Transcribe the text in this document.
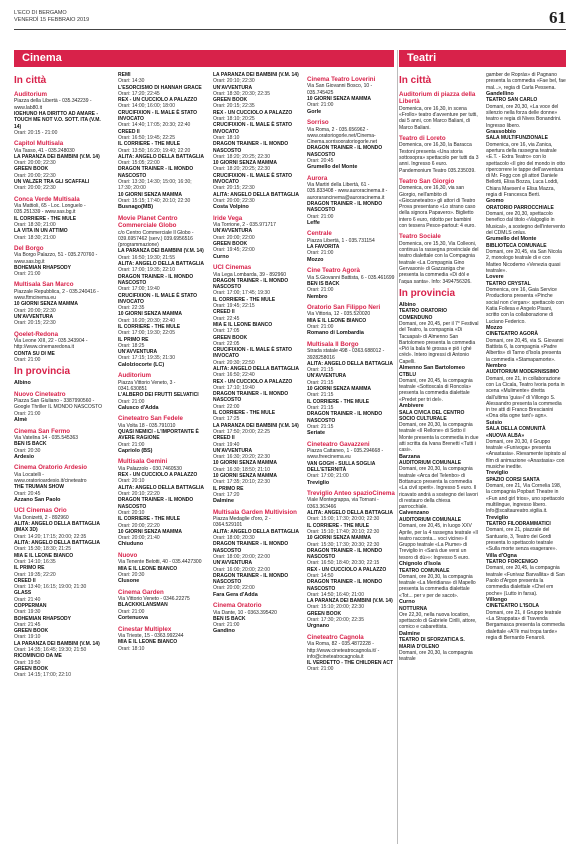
L'ECO DI BERGAMO
VENERDÌ 15 FEBBRAIO 2019	61
Cinema	Teatri
In città
Auditorium
Piazza della Libertà - 035.342239 - www.lab80.it
IOEHUNO HA DIRITTO AD AMARE - TOUCH ME NOT V.O. SOTT. ITA (V.M. 14)
Orari: 20:15 - 21:00
Capitol Multisala
Via Tasso, 41 - 035.248030
LA PARANZA DEI BAMBINI (V.M. 14)
Orari: 20:00; 22:30
GREEN BOOK
Orari: 20:00; 22:30
UN VALZER TRA GLI SCAFFALI
Orari: 20:00; 22:30
Conca Verde Multisala
Via Mattioli, 65 - Loc. Longuelo - 035.251339 - www.sas.bg.it
IL CORRIERE - THE MULE
Orari: 18:30; 21:00
LA VITA IN UN ATTIMO
Orari: 18:30; 21:00
Del Borgo
Via Borgo Palazzo, 51 - 035.270760 - www.sas.bg.it
BOHEMIAN RHAPSODY
Orari: 21:00
Multisala San Marco
Piazzale Repubblica, 2 - 035.240416 - www.ftmcinema.eu
10 GIORNI SENZA MAMMA
Orari: 20:00; 22:30
UN'AVVENTURA
Orari: 20:15; 22:30
Qoelet-Redona
Via Leone XIII, 22 - 035.343904 - http://www.cinemaredona.it
CONTA SU DI ME
Orari: 21:00
In provincia
Albino
Nuovo Cineteatro
Piazza San Giuliano - 3387990560 - Google Thriller IL MONDO NASCOSTO
Orari: 21:00
Almè
Cinema San Fermo
Via Vatelina 14 - 035.545363
BEN IS BACK
Orari: 20:30
Ardesio
Cinema Oratorio Ardesio
Via Locatelli - www.oratorioardesio.it/cineteatro
THE TRUMAN SHOW
Orari: 20:45
Azzano San Paolo
UCI Cinemas Orio
Via Donizetti, 2 - 892960
ALITA: ANGELO DELLA BATTAGLIA (IMAX 3D)
Orari: 14:20; 17:15; 20:00; 22:35
ALITA: ANGELO DELLA BATTAGLIA
Orari: 15:30; 18:30; 21:25
MIA E IL LEONE BIANCO
Orari: 14:10; 16:35
IL PRIMO RE
Orari: 19:35; 22:20
CREED II
Orari: 13:40; 16:15; 19:00; 21:30
GLASS
Orari: 21:40
COPPERMAN
Orari: 19:30
BOHEMIAN RHAPSODY
Orari: 21:45
GREEN BOOK
Orari: 19:10
LA PARANZA DEI BAMBINI (V.M. 14)
Orari: 14:35; 16:45; 19:30; 21:50
RICOMINCIO DA ME
Orari: 19:50
GREEN BOOK
Orari: 14:15; 17:00; 22:10
REMI
Orari: 14:30
L'ESORCISMO DI HANNAH GRACE
Orari: 17:20; 22:45
REX - UN CUCCIOLO A PALAZZO
Orari: 14:00; 16:00; 18:00
CRUCIFIXION - IL MALE È STATO INVOCATO
Orari: 14:40; 17:05; 20:30; 22:40
CREED II
Orari: 16:50; 19:45; 22:25
IL CORRIERE - THE MULE
Orari: 13:50; 16:20; 19:40; 22:20
ALITA: ANGELO DELLA BATTAGLIA
Orari: 15:05; 22:00
DRAGON TRAINER - IL MONDO NASCOSTO
Orari: 13:30; 14:30; 15:00; 16:30; 17:30; 20:00
10 GIORNI SENZA MAMMA
Orari: 15:15; 17:40; 20:10; 22:30
Busnago(MB)
Movie Planet Centro Commerciale Globo
c/o Centro Commerciale Il Globo - 039.6957462 (serv.) 039.6956516 (programmazione)
LA PARANZA DEI BAMBINI (V.M. 14)
Orari: 16:50; 19:30; 21:55
ALITA: ANGELO DELLA BATTAGLIA
Orari: 17:00; 19:35; 22:10
DRAGON TRAINER - IL MONDO NASCOSTO
Orari: 17:00; 19:40
CRUCIFIXION - IL MALE È STATO INVOCATO
Orari: 22:35
10 GIORNI SENZA MAMMA
Orari: 16:20; 20:30; 22:40
IL CORRIERE - THE MULE
Orari: 17:00; 19:30; 22:05
IL PRIMO RE
Orari: 18:25
UN'AVVENTURA
Orari: 17:15; 19:35; 21:30
Calolziocorte (LC)
Auditorium
Piazza Vittorio Veneto, 3 - 0341.630851
L'ALBERO DEI FRUTTI SELVATICI
Orari: 21:00
Calusco d'Adda
Cineteatro San Fedele
Via Volta 18 - 035.791010
QUASI NEMICI - L'IMPORTANTE È AVERE RAGIONE
Orari: 21:00
Capriolo (BS)
Multisala Gemini
Via Palazzolo - 030.7460530
REX - UN CUCCIOLO A PALAZZO
Orari: 20:10
ALITA: ANGELO DELLA BATTAGLIA
Orari: 20:10; 22:20
DRAGON TRAINER - IL MONDO NASCOSTO
Orari: 20:10
IL CORRIERE - THE MULE
Orari: 20:00; 22:20
10 GIORNI SENZA MAMMA
Orari: 20:00; 21:40
Chiuduno
Nuovo
Via Tenente Belotti, 40 - 035.4427300
MIA E IL LEONE BIANCO
Orari: 20:30
Clusone
Cinema Garden
Via Vittorio Veneto - 0346.22275
BLACKKKLANSMAN
Orari: 21:00
Cortenuova
Cinestar Multiplex
Via Trieste, 15 - 0363.992244
MIA E IL LEONE BIANCO
Orari: 18:10
LA PARANZA DEI BAMBINI (V.M. 14)
Orari: 20:10; 22:30
UN'AVVENTURA
Orari: 18:30; 20:30; 22:35
GREEN BOOK
Orari: 20:15; 22:35
REX - UN CUCCIOLO A PALAZZO
Orari: 18:10; 20:25
CRUCIFIXION - IL MALE È STATO INVOCATO
Orari: 18:10
DRAGON TRAINER - IL MONDO NASCOSTO
Orari: 18:20; 20:25; 22:30
10 GIORNI SENZA MAMMA
Orari: 18:20; 20:25; 22:30
CRUCIFIXION - IL MALE È STATO INVOCATO
Orari: 20:15; 22:30
ALITA: ANGELO DELLA BATTAGLIA
Orari: 20:00; 22:30
Costa Volpino
Iride Vega
Via Torrione, 2 - 035.971717
UN'AVVENTURA
Orari: 20:00; 22:00
GREEN BOOK
Orari: 19:45; 22:00
Curno
UCI Cinemas
Via Lega Lombarda, 39 - 892960
DRAGON TRAINER - IL MONDO NASCOSTO
Orari: 17:00; 17:45; 19:30
IL CORRIERE - THE MULE
Orari: 19:45; 22:15
CREED II
Orari: 22:45
MIA E IL LEONE BIANCO
Orari: 17:05
GREEN BOOK
Orari: 22:05
CRUCIFIXION - IL MALE È STATO INVOCATO
Orari: 20:30; 22:50
ALITA: ANGELO DELLA BATTAGLIA
Orari: 16:50; 22:40
REX - UN CUCCIOLO A PALAZZO
Orari: 17:10; 19:40
DRAGON TRAINER - IL MONDO NASCOSTO
Orari: 22:00
IL CORRIERE - THE MULE
Orari: 17:25
LA PARANZA DEI BAMBINI (V.M. 14)
Orari: 17:50; 20:00; 22:25
CREED II
Orari: 19:40
UN'AVVENTURA
Orari: 16:30; 20:20; 22:30
10 GIORNI SENZA MAMMA
Orari: 16:30; 18:50; 21:10
10 GIORNI SENZA MAMMA
Orari: 17:35; 20:10; 22:30
IL PRIMO RE
Orari: 17:20
Dalmine
Multisala Garden Multivision
Piazza Medaglie d'oro, 2 - 0364.529101
ALITA: ANGELO DELLA BATTAGLIA
Orari: 18:00; 20:30
DRAGON TRAINER - IL MONDO NASCOSTO
Orari: 18:00; 20:00; 22:00
UN'AVVENTURA
Orari: 16:00; 20:00; 22:00
DRAGON TRAINER - IL MONDO NASCOSTO
Orari: 20:00; 22:00
Fara Gera d'Adda
Cinema Oratorio
Via Dante, 10 - 0363.395420
BEN IS BACK
Orari: 21:00
Gandino
Cinema Teatro Loverini
Via San Giovanni Bosco, 10 - 035.745425
10 GIORNI SENZA MAMMA
Orari: 21:00
Gorle
Sorriso
Via Roma, 2 - 035.656962 - www.oratoriogorle.net/Cinema-Cinema.sorrisooratoriogorle.net
DRAGON TRAINER - IL MONDO NASCOSTO
Orari: 20:45
Grumello del Monte
Aurora
Via Martiri della Libertà, 61 - 035.833408 - www.auroracinema.it - aurorarancinema@auroracinema.it
DRAGON TRAINER - IL MONDO NASCOSTO
Orari: 21:00
Leffe
Centrale
Piazza Libertà, 1 - 035.731154
LA FAVORITA
Orari: 21:00
Mozzo
Cine Teatro Agorà
Via S.Giovanni Battista, 6 - 035.461699
BEN IS BACK
Orari: 21:00
Nembro
Oratorio San Filippo Neri
Via Vittoria, 12 - 035.520020
MIA E IL LEONE BIANCO
Orari: 21:00
Romano di Lombardia
Multisala Il Borgo
Strada statale 498 - 0363.688012 - 3928258016
ALITA: ANGELO DELLA BATTAGLIA
Orari: 21:15
UN'AVVENTURA
Orari: 21:15
10 GIORNI SENZA MAMMA
Orari: 21:15
IL CORRIERE - THE MULE
Orari: 21:15
DRAGON TRAINER - IL MONDO NASCOSTO
Orari: 21:15
Seriate
Cineteatro Gavazzeni
Piazza Cattaneo, 1 - 035.294668 - www.freecinema.eu
VAN GOGH - SULLA SOGLIA DELL'ETERNITÀ
Orari: 17:00; 21:00
Treviglio
Treviglio Anteo spazioCinema
Viale Montegrappa, via Tornani - 0363.363466
ALITA: ANGELO DELLA BATTAGLIA
Orari: 15:00; 17:30; 20:00; 22:30
IL CORRIERE - THE MULE
Orari: 15:10; 17:40; 20:10; 22:30
10 GIORNI SENZA MAMMA
Orari: 15:30; 17:30; 20:30; 22:30
DRAGON TRAINER - IL MONDO NASCOSTO
Orari: 16:50; 18:40; 20:30; 22:15
REX - UN CUCCIOLO A PALAZZO
Orari: 14:50
DRAGON TRAINER - IL MONDO NASCOSTO
Orari: 14:50; 16:40; 21:00
LA PARANZA DEI BAMBINI (V.M. 14)
Orari: 15:10; 20:00; 22:30
GREEN BOOK
Orari: 17:30; 20:00; 22:35
Urgnano
Cineteatro Cagnola
Via Roma, 82 - 035.4872228 - http://www.cineteatrocagnola.it/ - info@cineteatrocagnola.it
IL VERDETTO - THE CHILDREN ACT
Orari: 21:00
In città
Auditorium di piazza della Libertà
Domenica, ore 16,30, in scena «Frollo» teatro d'avventure per tutti, dai 5 anni, con Marco Baliani, di Marco Baliani.
Teatro di Loreto
Domenica, ore 16,30, la Baracca Testoni presenta «Una storia sottosopra» spettacolo per tutti da 3 anni. Ingresso 6 euro. Pandemonium Teatro 035.235039.
Teatro San Giorgio
Domenica, ore 16,30, via san Giorgio, nell'ambito di «Giocaneteatro» gli attori di Teatro Prova presentano «Lo strano caso della signora Papavero». Biglietto intero 6 euro, ridotto per bambini con tessera Pesce-partout: 4 euro.
Teatro Sociale
Domenica, ore 15,30, Via Colleoni, continua la rassegna provinciale del teatro dialettale con la Compagnia teatrale «La Compagnia Gino Gervasoni» di Gazzaniga che presenta la commedia «Di dòl e l'aqua santa». Info: 3494756326.
In provincia
Albino
TEATRO ORATORIO COMENDUNO
Domani, ore 20,45, per il 7° Festival del Teatro, la compagnia «Di Tacuapal» di Almenno San Bartolomeo presenta la commedia «Piö la bala fé grossa e piö i ghé crëd». Intero ingressi di Antonio Capelli.
Almenno San Bartolomeo
CTBLU
Domani, ore 20,45, la compagnia teatrale «Sottoscala di Roncola» presenta la commedia dialettale «Predet per tri del».
Ambivere
SALA CIVICA DEL CENTRO SOCIO CULTURALE
Domani, ore 20,30, la compagnia teatrale «Il Rellone» di Sotto il Monte presenta la commedia in due atti scritta da Ivana Brenetti «Tutti i casi».
Barzana
AUDITORIUM COMUNALE
Domani, ore 20,30, la compagnia teatrale «Arca del Telenbo» di Bottanuco presenta la commedia «La civil sperit». Ingresso 5 euro. Il ricavato andrà a sostegno dei lavori di restauro della chiesa parrocchiale.
Calvenzano
AUDITORIUM COMUNALE
Domani, ore 20,45, in luogo XXV Aprile, per la 4 rassegna teatrale «Il teatro racconta... voci vicine» il Gruppo teatrale «La Piume» di Treviglio in «Sarà due versi un tesoro di dù»»: Ingresso 5 euro.
Chignolo d'Isola
TEATRO COMUNALE
Domani, ore 20,30, la compagnia teatrale «La Meridiana» di Mapello presenta la commedia dialettale «Tot... per v per de sacot».
Curno
NOTTURNA
Ore 22,30, nella nuova location, spettacolo di Gabriele Cirilli, attore, comico e cabarettista.
Dalmine
TEATRO DI SFORZATICA S. MARIA D'OLENO
Domani, ore 20,30, la compagnia teatrale
gamber de Ropràs» di Pagnano presenta la commedia «Fae bel, fae mal...», regia di Carla Pessena.
Gandellino
TEATRO SAN CARLO
Domani, ore 20,30, «La voce del silenzio nella forza delle donne» teatro e regia di Nives Bonandrini. Ingresso libero.
Grassobbio
SALA MULTIFUNZIONALE
Domenica, ore 16, via Zanica, apertura della rassegna teatrale «E.T. - Extra Teatro» con lo spettacolo «Il giro del mondo in otto ripercorrere le tappe dell'avventura di Mr. Fogg con gli attori Daniele Bellotti, Elisa Bozza, Luca Loddi, Chiara Maesenl e Elisa Mazza, regia di Francesca Berti.
Gromo
ORATORIO PARROCCHIALE
Domani, ore 20,30, spettacolo benefico dal titolo «Valgoglio in Musical», a sostegno dell'intervento del CDMLS onlus.
Grumello del Monte
BIBLIOTECA COMUNALE
Domani, ore 20,45, via San Nicola 2, monologo teatrale di e con Matteo Nicodemo «Venezia quasi teatrale».
Lovere
TEATRO CRYSTAL
Domenica, ore 16, Gaia Service Productions presenta «Pinche social non c'ergan»: spettacolo con Katia Follesa e Angelo Pisani, scritto con la collaborazione di Luciano Federico.
Mozzo
CINETEATRO AGORÀ
Domani, ore 20,45, via S. Giovanni Battista 6, la compagnia «Padre Albertis» di Tarno d'Isola presenta la commedia «Stamapamorte».
Nembro
AUDITORIUM MODERNISSIMO
Domani, ore 21, in collaborazione con La Cicala, Teatro Ivoria porta in scena «Mulimente» diretta dall'ultima 'guia»l' di Villongo S. Alessandro presenta la commedia in tre atti di Franco Brescianini «Ona olta ogne tant'» agn».
Suisio
SALA DELLA COMUNITÀ «NUOVA ALBA»
Domani, ore 20,30, il Gruppo teatrale «Funivoga» presenta «Anastasia». Rievamente ispirato al film di animazione «Anastasia» con musiche inedite.
Treviglio
SPAZIO CORSI SANTA
Domani, ore 21, Via Cornelia 198, la compagnia Popbart Theatre in «Fun and girl trios», uno spettacolo multilingue, ingresso libero. Info@scaltaureatro.vigilia.it.
Treviglio
TEATRO FILODRAMMATICI
Domani, ore 21, piazzale del Santuario, 3, Teatro dei Gordi presenta lo spettacolo teatrale «Sulla morte senza esagerare».
Villa d'Ogna
TEATRO FORCENIGO
Domani, ore 20,45, la compagnia teatrale «Funivaz Barvallita» di San Paolo d'Argon presenta la commedia dialettale «Chel em poche» (Lutto in farsa).
Villongo
CINETEATRO L'ISOLA
Domani, ore 21, il Gruppo teatrale «La Strappata» di Travenda Bergamasca presenta la commedia dialettale «A'l'è mai tropa tarde» regia di Bernardo Fenaroli.
